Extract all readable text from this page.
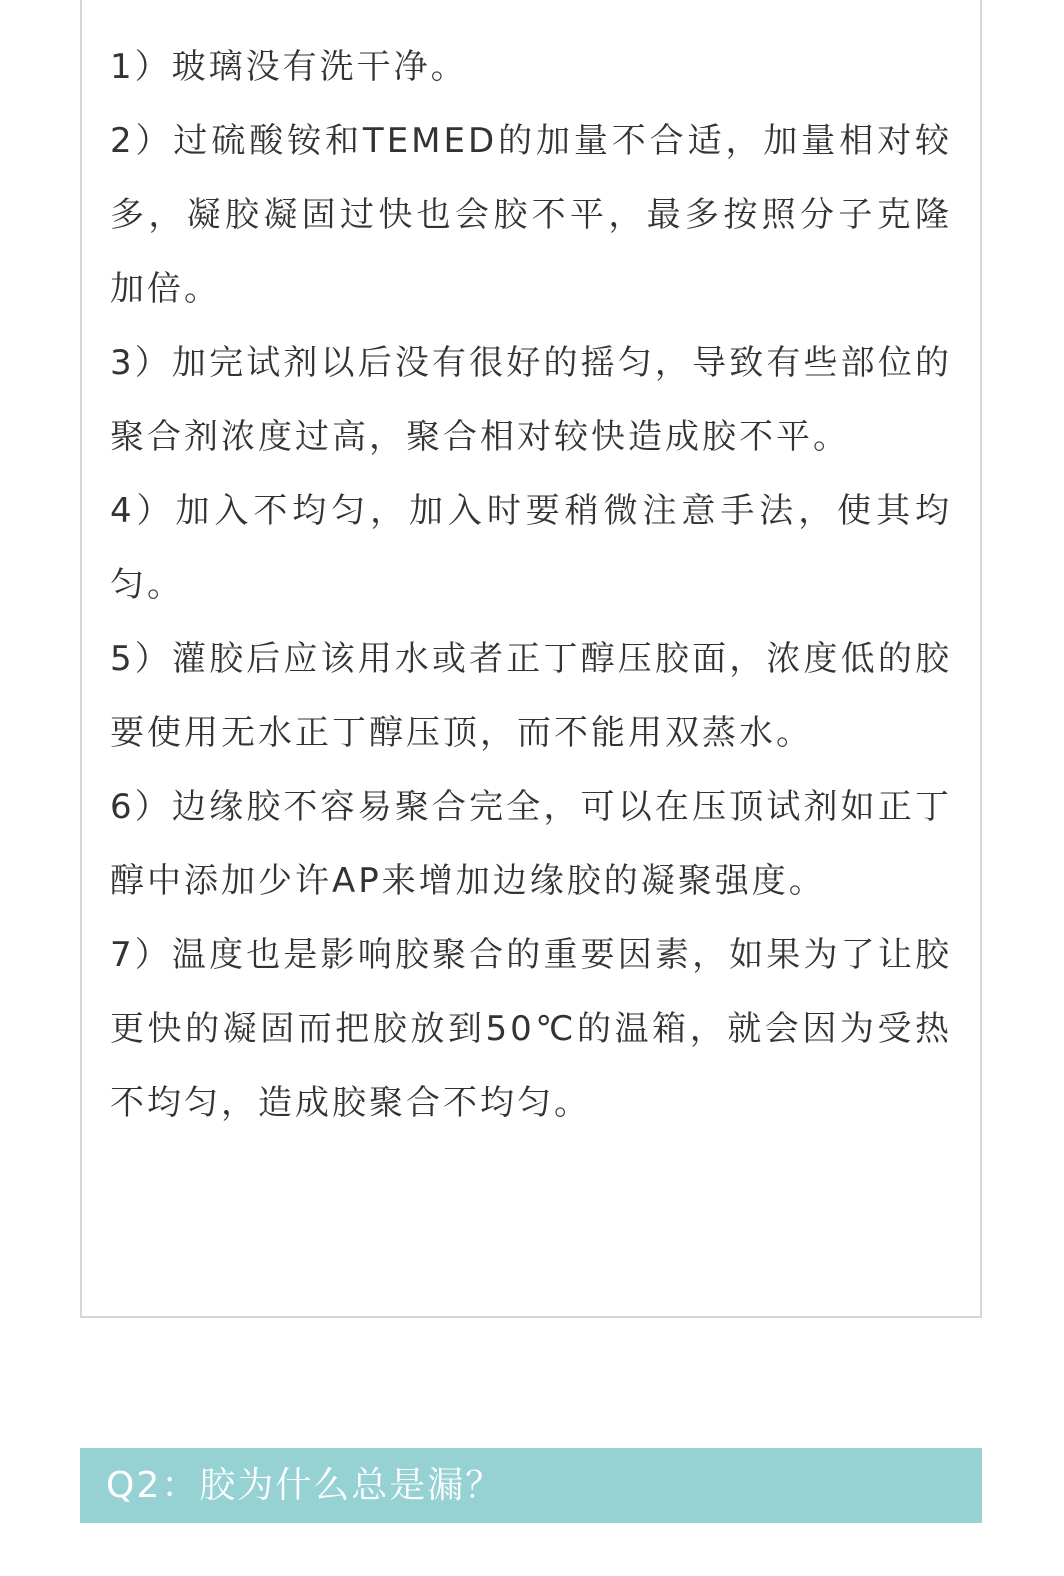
1）玻璃没有洗干净。
2）过硫酸铵和TEMED的加量不合适，加量相对较多，凝胶凝固过快也会胶不平，最多按照分子克隆加倍。
3）加完试剂以后没有很好的摇匀，导致有些部位的聚合剂浓度过高，聚合相对较快造成胶不平。
4）加入不均匀，加入时要稍微注意手法，使其均匀。
5）灌胶后应该用水或者正丁醇压胶面，浓度低的胶要使用无水正丁醇压顶，而不能用双蒸水。
6）边缘胶不容易聚合完全，可以在压顶试剂如正丁醇中添加少许AP来增加边缘胶的凝聚强度。
7）温度也是影响胶聚合的重要因素，如果为了让胶更快的凝固而把胶放到50℃的温箱，就会因为受热不均匀，造成胶聚合不均匀。
Q2：胶为什么总是漏？
